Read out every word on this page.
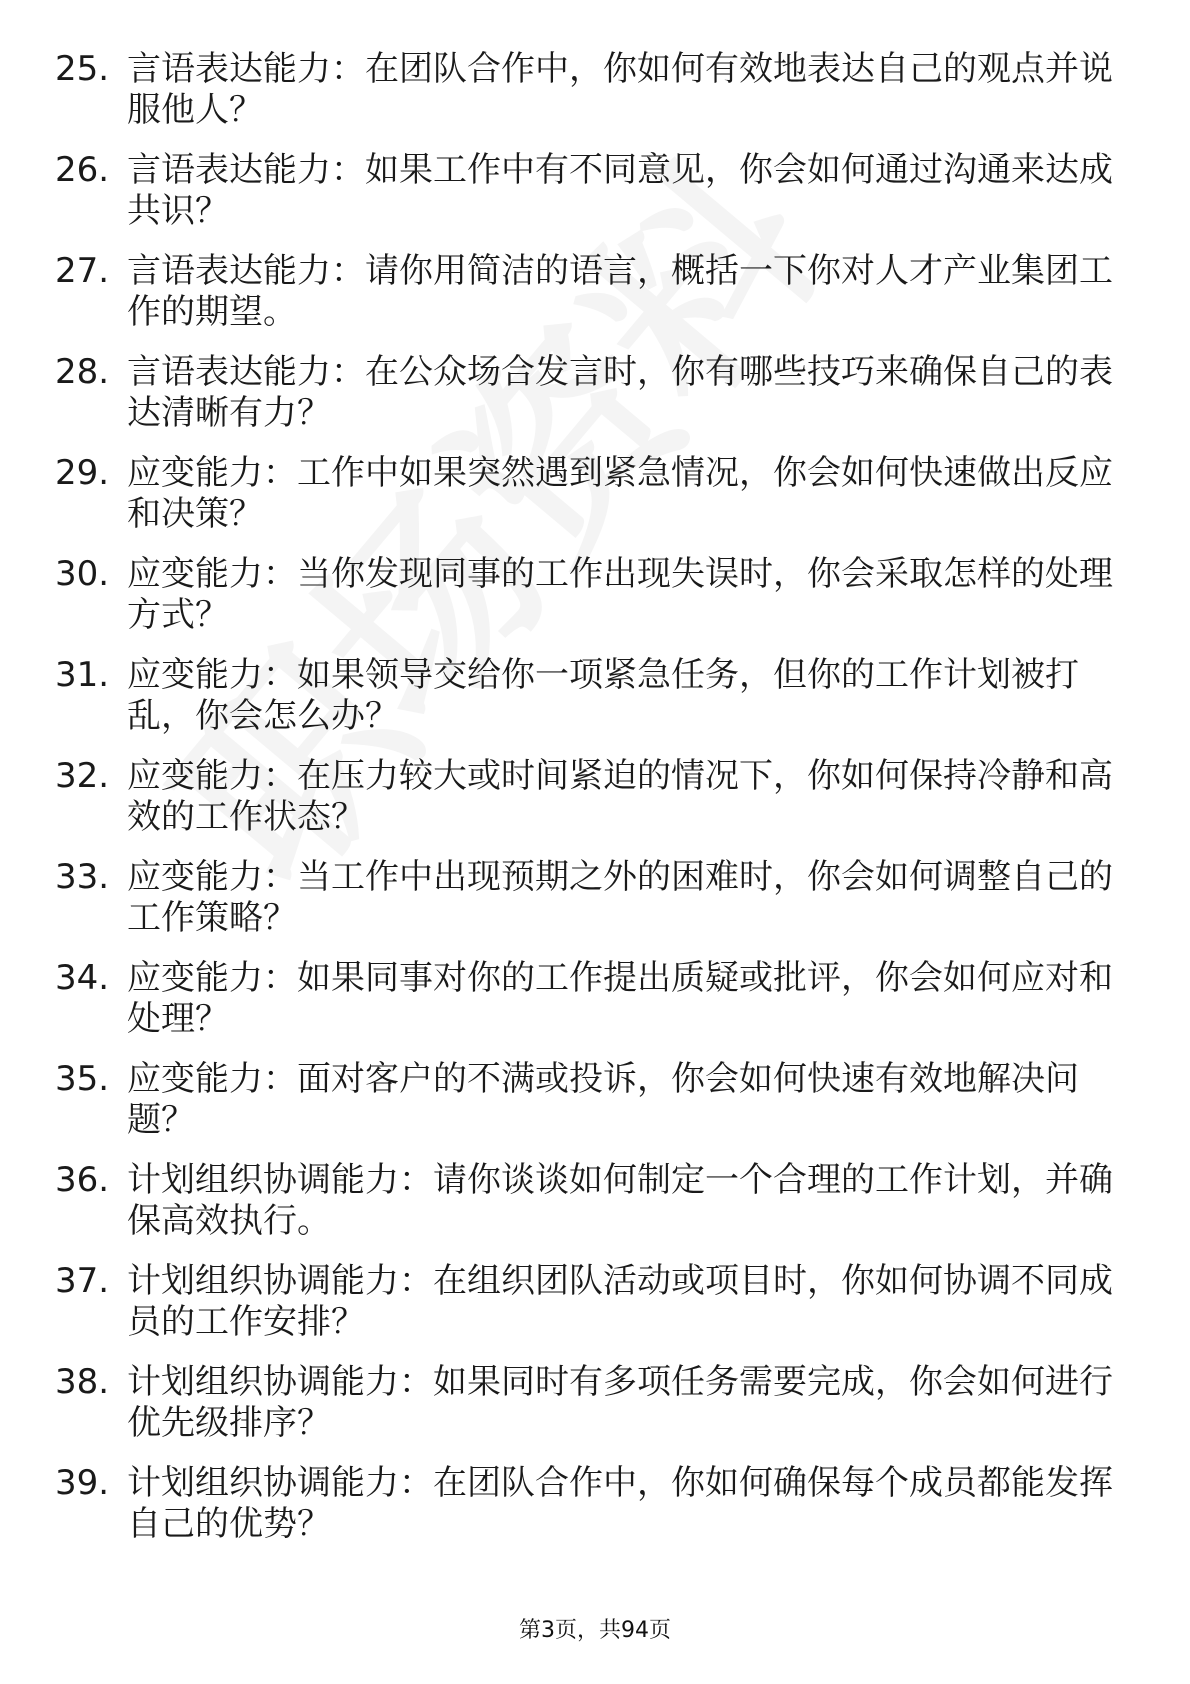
25. 言语表达能力：在团队合作中，你如何有效地表达自己的观点并说服他人？
26. 言语表达能力：如果工作中有不同意见，你会如何通过沟通来达成共识？
27. 言语表达能力：请你用简洁的语言，概括一下你对人才产业集团工作的期望。
28. 言语表达能力：在公众场合发言时，你有哪些技巧来确保自己的表达清晰有力？
29. 应变能力：工作中如果突然遇到紧急情况，你会如何快速做出反应和决策？
30. 应变能力：当你发现同事的工作出现失误时，你会采取怎样的处理方式？
31. 应变能力：如果领导交给你一项紧急任务，但你的工作计划被打乱，你会怎么办？
32. 应变能力：在压力较大或时间紧迫的情况下，你如何保持冷静和高效的工作状态？
33. 应变能力：当工作中出现预期之外的困难时，你会如何调整自己的工作策略？
34. 应变能力：如果同事对你的工作提出质疑或批评，你会如何应对和处理？
35. 应变能力：面对客户的不满或投诉，你会如何快速有效地解决问题？
36. 计划组织协调能力：请你谈谈如何制定一个合理的工作计划，并确保高效执行。
37. 计划组织协调能力：在组织团队活动或项目时，你如何协调不同成员的工作安排？
38. 计划组织协调能力：如果同时有多项任务需要完成，你会如何进行优先级排序？
39. 计划组织协调能力：在团队合作中，你如何确保每个成员都能发挥自己的优势？
第3页，共94页
